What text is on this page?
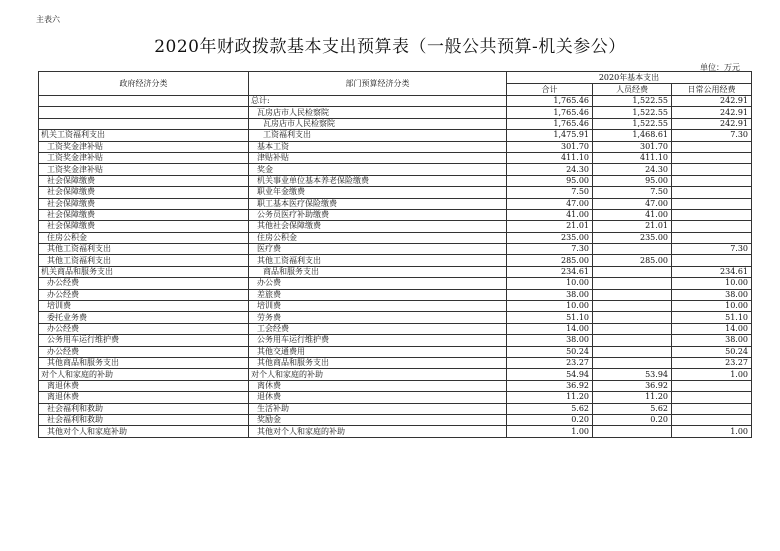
主表六
2020年财政拨款基本支出预算表（一般公共预算-机关参公）
单位：万元
政府经济分类	部门预算经济分类	2020年基本支出		
		合计	人员经费	日常公用经费
	总计:	1,765.46	1,522.55	242.91
	瓦房店市人民检察院	1,765.46	1,522.55	242.91
	瓦房店市人民检察院	1,765.46	1,522.55	242.91
机关工资福利支出	工资福利支出	1,475.91	1,468.61	7.30
工资奖金津补贴	基本工资	301.70	301.70	
工资奖金津补贴	津贴补贴	411.10	411.10	
工资奖金津补贴	奖金	24.30	24.30	
社会保障缴费	机关事业单位基本养老保险缴费	95.00	95.00	
社会保障缴费	职业年金缴费	7.50	7.50	
社会保障缴费	职工基本医疗保险缴费	47.00	47.00	
社会保障缴费	公务员医疗补助缴费	41.00	41.00	
社会保障缴费	其他社会保障缴费	21.01	21.01	
住房公积金	住房公积金	235.00	235.00	
其他工资福利支出	医疗费	7.30		7.30
其他工资福利支出	其他工资福利支出	285.00	285.00	
机关商品和服务支出	商品和服务支出	234.61		234.61
办公经费	办公费	10.00		10.00
办公经费	差旅费	38.00		38.00
培训费	培训费	10.00		10.00
委托业务费	劳务费	51.10		51.10
办公经费	工会经费	14.00		14.00
公务用车运行维护费	公务用车运行维护费	38.00		38.00
办公经费	其他交通费用	50.24		50.24
其他商品和服务支出	其他商品和服务支出	23.27		23.27
对个人和家庭的补助	对个人和家庭的补助	54.94	53.94	1.00
离退休费	离休费	36.92	36.92	
离退休费	退休费	11.20	11.20	
社会福利和救助	生活补助	5.62	5.62	
社会福利和救助	奖励金	0.20	0.20	
其他对个人和家庭补助	其他对个人和家庭的补助	1.00		1.00
